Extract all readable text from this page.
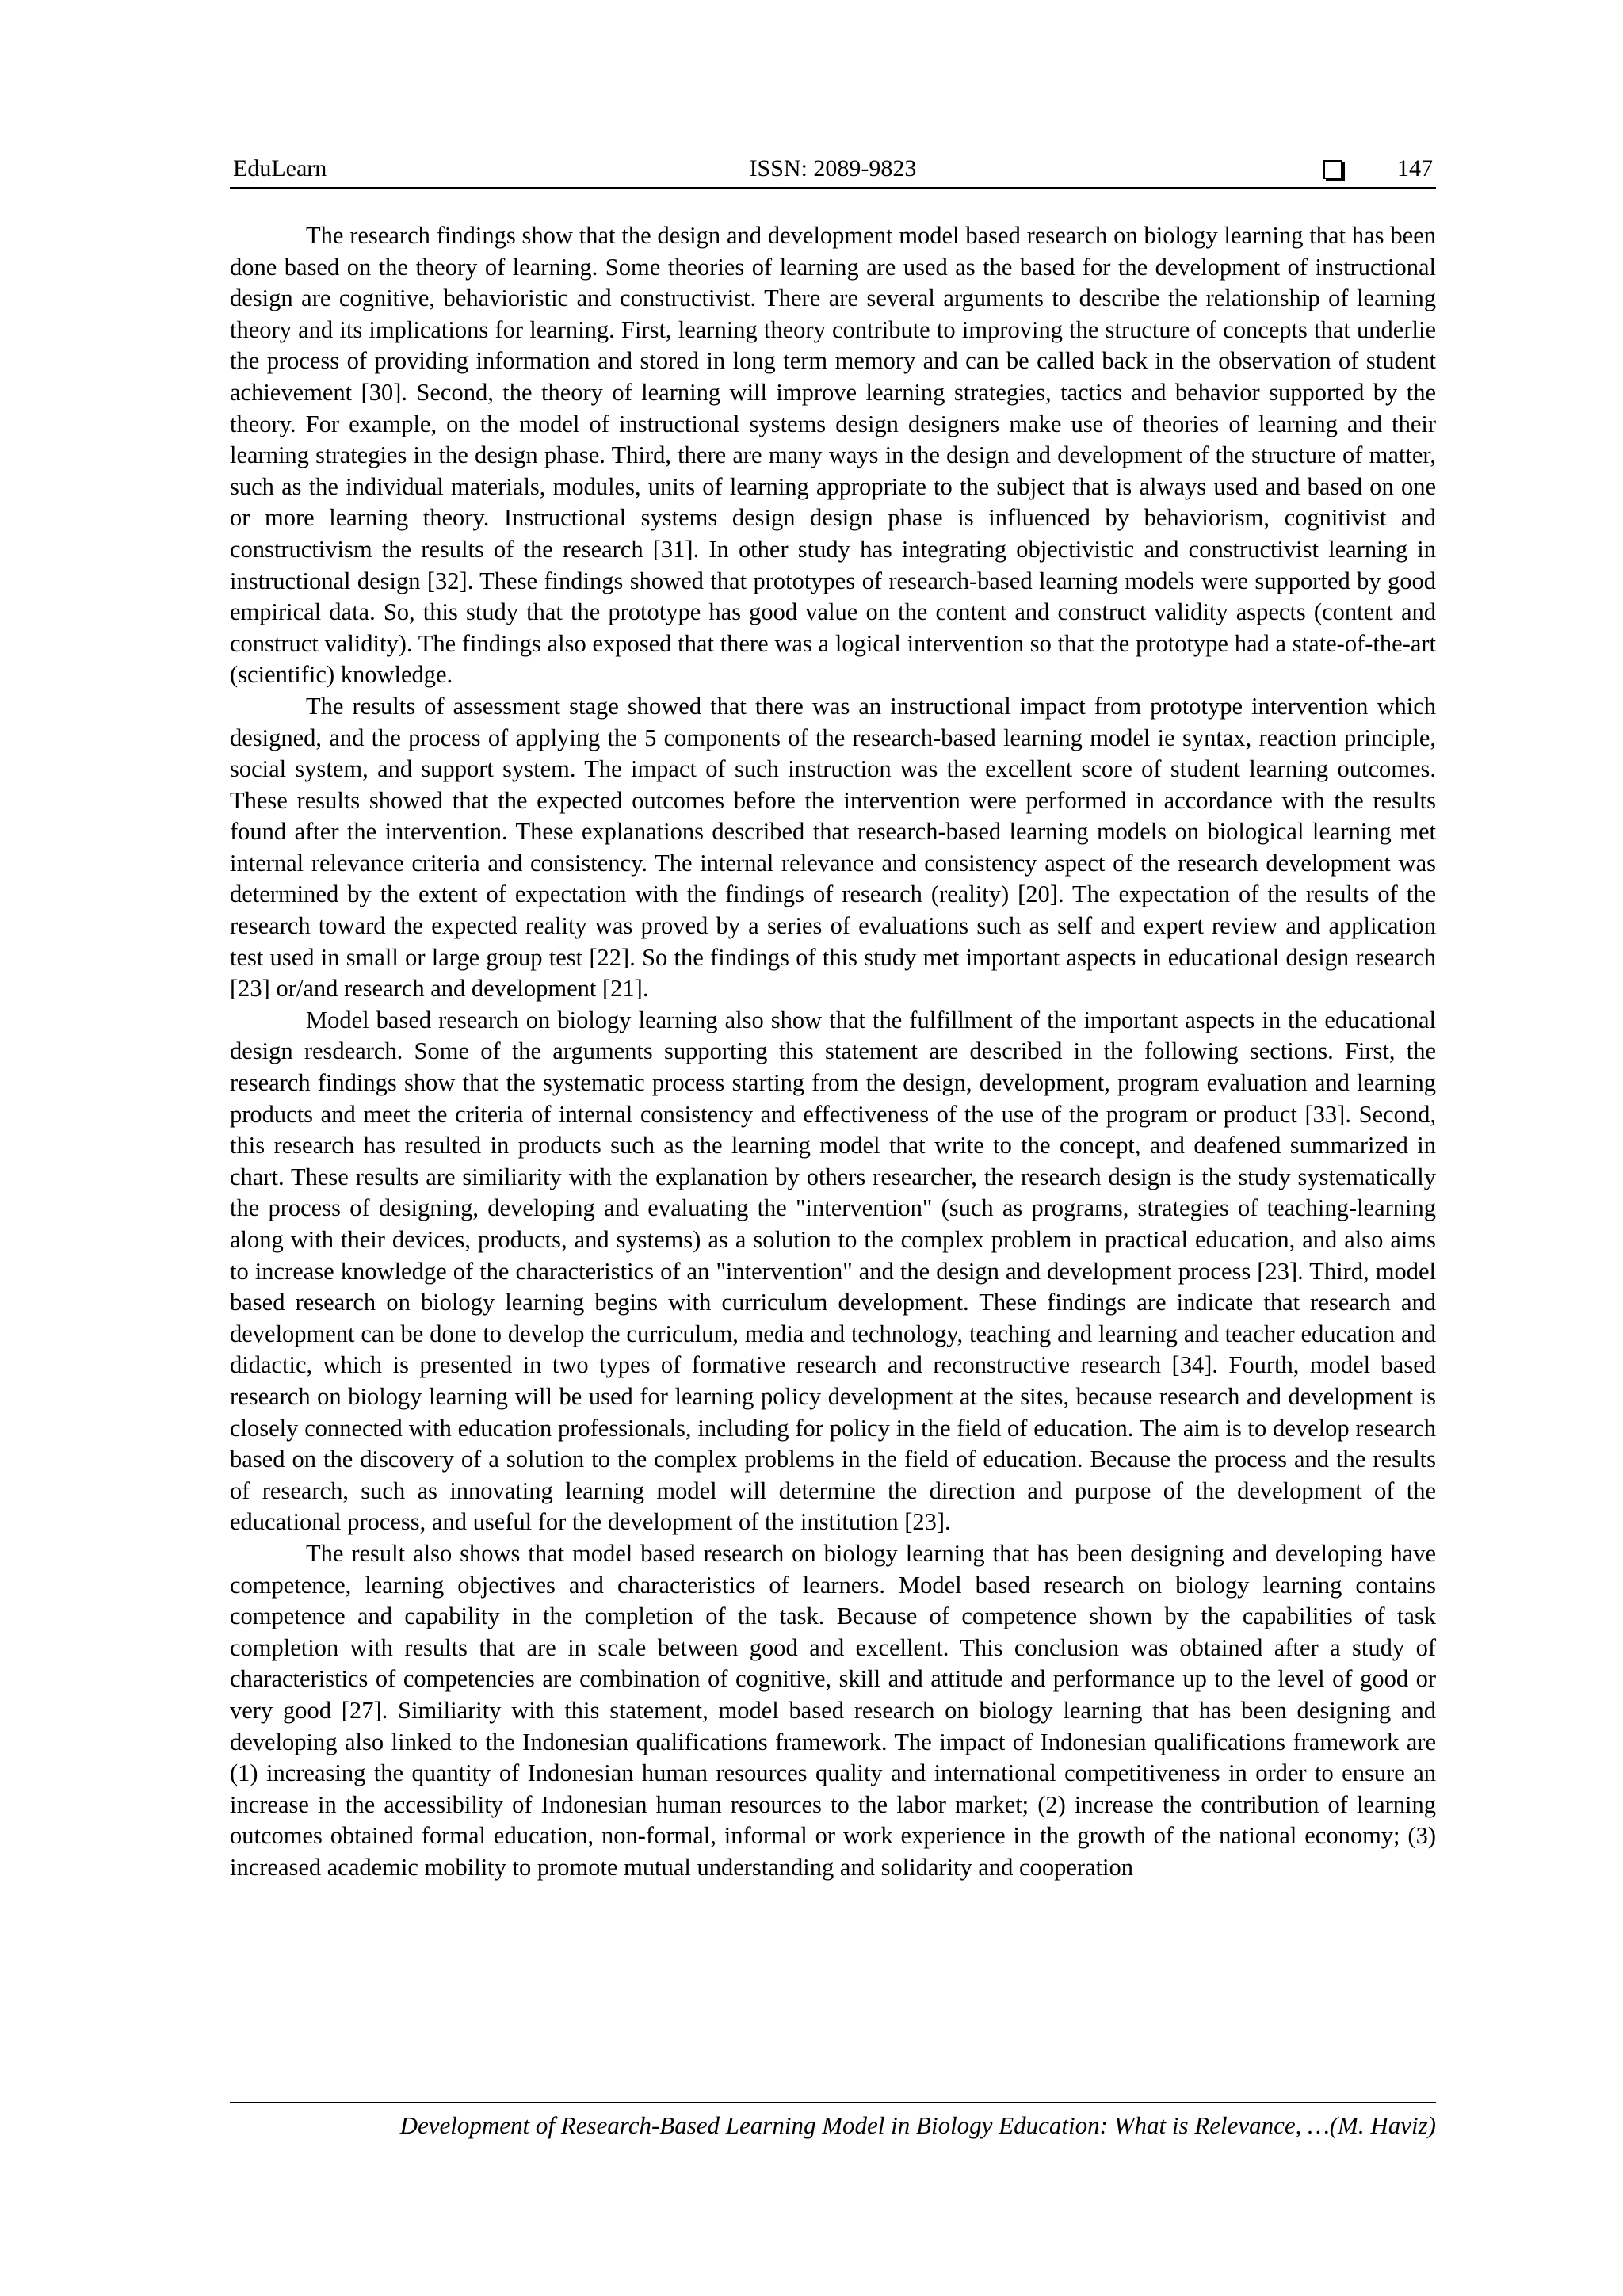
EduLearn	ISSN: 2089-9823	147

The research findings show that the design and development model based research on biology learning that has been done based on the theory of learning. Some theories of learning are used as the based for the development of instructional design are cognitive, behavioristic and constructivist. There are several arguments to describe the relationship of learning theory and its implications for learning. First, learning theory contribute to improving the structure of concepts that underlie the process of providing information and stored in long term memory and can be called back in the observation of student achievement [30]. Second, the theory of learning will improve learning strategies, tactics and behavior supported by the theory. For example, on the model of instructional systems design designers make use of theories of learning and their learning strategies in the design phase. Third, there are many ways in the design and development of the structure of matter, such as the individual materials, modules, units of learning appropriate to the subject that is always used and based on one or more learning theory. Instructional systems design design phase is influenced by behaviorism, cognitivist and constructivism the results of the research [31]. In other study has integrating objectivistic and constructivist learning in instructional design [32]. These findings showed that prototypes of research-based learning models were supported by good empirical data. So, this study that the prototype has good value on the content and construct validity aspects (content and construct validity). The findings also exposed that there was a logical intervention so that the prototype had a state-of-the-art (scientific) knowledge.

The results of assessment stage showed that there was an instructional impact from prototype intervention which designed, and the process of applying the 5 components of the research-based learning model ie syntax, reaction principle, social system, and support system. The impact of such instruction was the excellent score of student learning outcomes. These results showed that the expected outcomes before the intervention were performed in accordance with the results found after the intervention. These explanations described that research-based learning models on biological learning met internal relevance criteria and consistency. The internal relevance and consistency aspect of the research development was determined by the extent of expectation with the findings of research (reality) [20]. The expectation of the results of the research toward the expected reality was proved by a series of evaluations such as self and expert review and application test used in small or large group test [22]. So the findings of this study met important aspects in educational design research [23] or/and research and development [21].

Model based research on biology learning also show that the fulfillment of the important aspects in the educational design resdearch. Some of the arguments supporting this statement are described in the following sections. First, the research findings show that the systematic process starting from the design, development, program evaluation and learning products and meet the criteria of internal consistency and effectiveness of the use of the program or product [33]. Second, this research has resulted in products such as the learning model that write to the concept, and deafened summarized in chart. These results are similiarity with the explanation by others researcher, the research design is the study systematically the process of designing, developing and evaluating the "intervention" (such as programs, strategies of teaching-learning along with their devices, products, and systems) as a solution to the complex problem in practical education, and also aims to increase knowledge of the characteristics of an "intervention" and the design and development process [23]. Third, model based research on biology learning begins with curriculum development. These findings are indicate that research and development can be done to develop the curriculum, media and technology, teaching and learning and teacher education and didactic, which is presented in two types of formative research and reconstructive research [34]. Fourth, model based research on biology learning will be used for learning policy development at the sites, because research and development is closely connected with education professionals, including for policy in the field of education. The aim is to develop research based on the discovery of a solution to the complex problems in the field of education. Because the process and the results of research, such as innovating learning model will determine the direction and purpose of the development of the educational process, and useful for the development of the institution [23].

The result also shows that model based research on biology learning that has been designing and developing have competence, learning objectives and characteristics of learners. Model based research on biology learning contains competence and capability in the completion of the task. Because of competence shown by the capabilities of task completion with results that are in scale between good and excellent. This conclusion was obtained after a study of characteristics of competencies are combination of cognitive, skill and attitude and performance up to the level of good or very good [27]. Similiarity with this statement, model based research on biology learning that has been designing and developing also linked to the Indonesian qualifications framework. The impact of Indonesian qualifications framework are (1) increasing the quantity of Indonesian human resources quality and international competitiveness in order to ensure an increase in the accessibility of Indonesian human resources to the labor market; (2) increase the contribution of learning outcomes obtained formal education, non-formal, informal or work experience in the growth of the national economy; (3) increased academic mobility to promote mutual understanding and solidarity and cooperation

Development of Research-Based Learning Model in Biology Education: What is Relevance, …(M. Haviz)
